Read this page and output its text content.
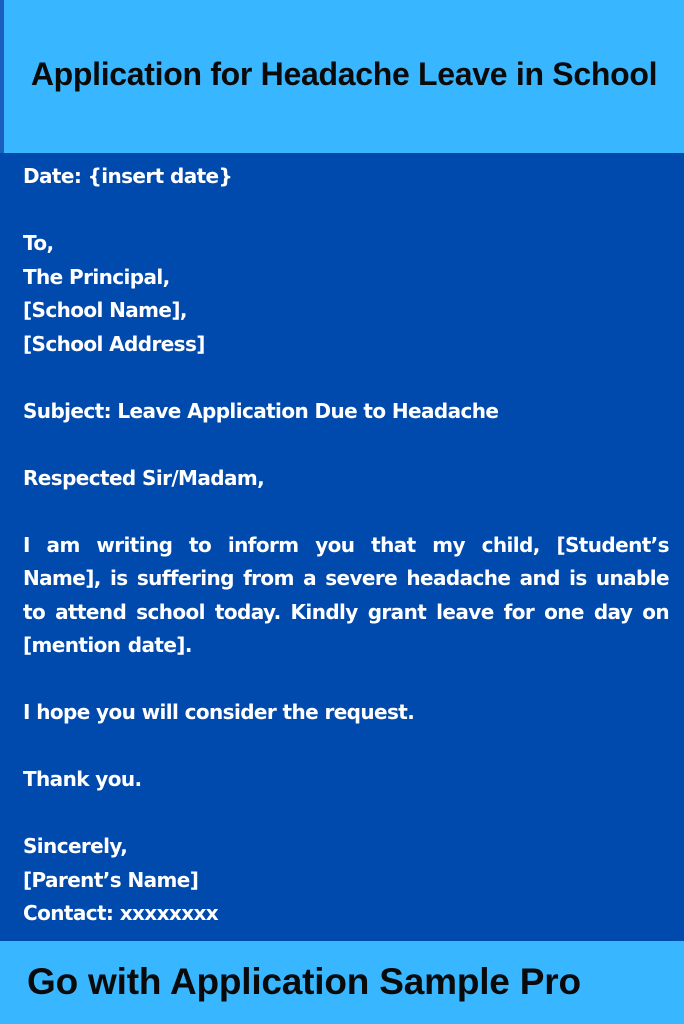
Application for Headache Leave in School
Date: {insert date}
To,
The Principal,
[School Name],
[School Address]
Subject: Leave Application Due to Headache
Respected Sir/Madam,
I am writing to inform you that my child, [Student’s Name], is suffering from a severe headache and is unable to attend school today. Kindly grant leave for one day on [mention date].
I hope you will consider the request.
Thank you.
Sincerely,
[Parent’s Name]
Contact: xxxxxxxx

Go with Application Sample Pro
